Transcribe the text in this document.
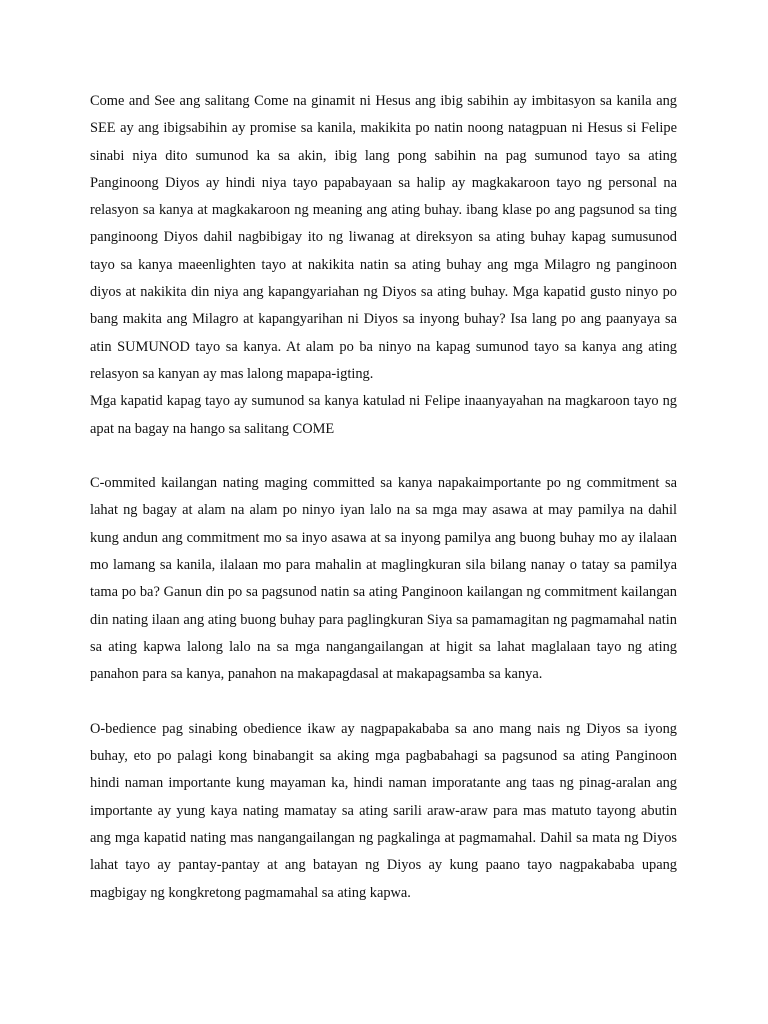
Come and See ang salitang Come na ginamit ni Hesus ang ibig sabihin ay imbitasyon sa kanila ang SEE ay ang ibigsabihin ay promise sa kanila, makikita po natin noong natagpuan ni Hesus si Felipe sinabi niya dito sumunod ka sa akin, ibig lang pong sabihin na pag sumunod tayo sa ating Panginoong Diyos ay hindi niya tayo papabayaan sa halip ay magkakaroon tayo ng personal na relasyon sa kanya at magkakaroon ng meaning ang ating buhay. ibang klase po ang pagsunod sa ting panginoong Diyos dahil nagbibigay ito ng liwanag at direksyon sa ating buhay kapag sumusunod tayo sa kanya maeenlighten tayo at nakikita natin sa ating buhay ang mga Milagro ng panginoon diyos at nakikita din niya ang kapangyariahan ng Diyos sa ating buhay. Mga kapatid gusto ninyo po bang makita ang Milagro at kapangyarihan ni Diyos sa inyong buhay? Isa lang po ang paanyaya sa atin SUMUNOD tayo sa kanya. At alam po ba ninyo na kapag sumunod tayo sa kanya ang ating relasyon sa kanyan ay mas lalong mapapa-igting.

Mga kapatid kapag tayo ay sumunod sa kanya katulad ni Felipe inaanyayahan na magkaroon tayo ng apat na bagay na hango sa salitang COME

C-ommited kailangan nating maging committed sa kanya napakaimportante po ng commitment sa lahat ng bagay at alam na alam po ninyo iyan lalo na sa mga may asawa at may pamilya na dahil kung andun ang commitment mo sa inyo asawa at sa inyong pamilya ang buong buhay mo ay ilalaan mo lamang sa kanila, ilalaan mo para mahalin at maglingkuran sila bilang nanay o tatay sa pamilya tama po ba? Ganun din po sa pagsunod natin sa ating Panginoon kailangan ng commitment kailangan din nating ilaan ang ating buong buhay para paglingkuran Siya sa pamamagitan ng pagmamahal natin sa ating kapwa lalong lalo na sa mga nangangailangan at higit sa lahat maglalaan tayo ng ating panahon para sa kanya, panahon na makapagdasal at makapagsamba sa kanya.

O-bedience pag sinabing obedience ikaw ay nagpapakababa sa ano mang nais ng Diyos sa iyong buhay, eto po palagi kong binabangit sa aking mga pagbabahagi sa pagsunod sa ating Panginoon hindi naman importante kung mayaman ka, hindi naman imporatante ang taas ng pinag-aralan ang importante ay yung kaya nating mamatay sa ating sarili araw-araw para mas matuto tayong abutin ang mga kapatid nating mas nangangailangan ng pagkalinga at pagmamahal. Dahil sa mata ng Diyos lahat tayo ay pantay-pantay at ang batayan ng Diyos ay kung paano tayo nagpakababa upang magbigay ng kongkretong pagmamahal sa ating kapwa.
